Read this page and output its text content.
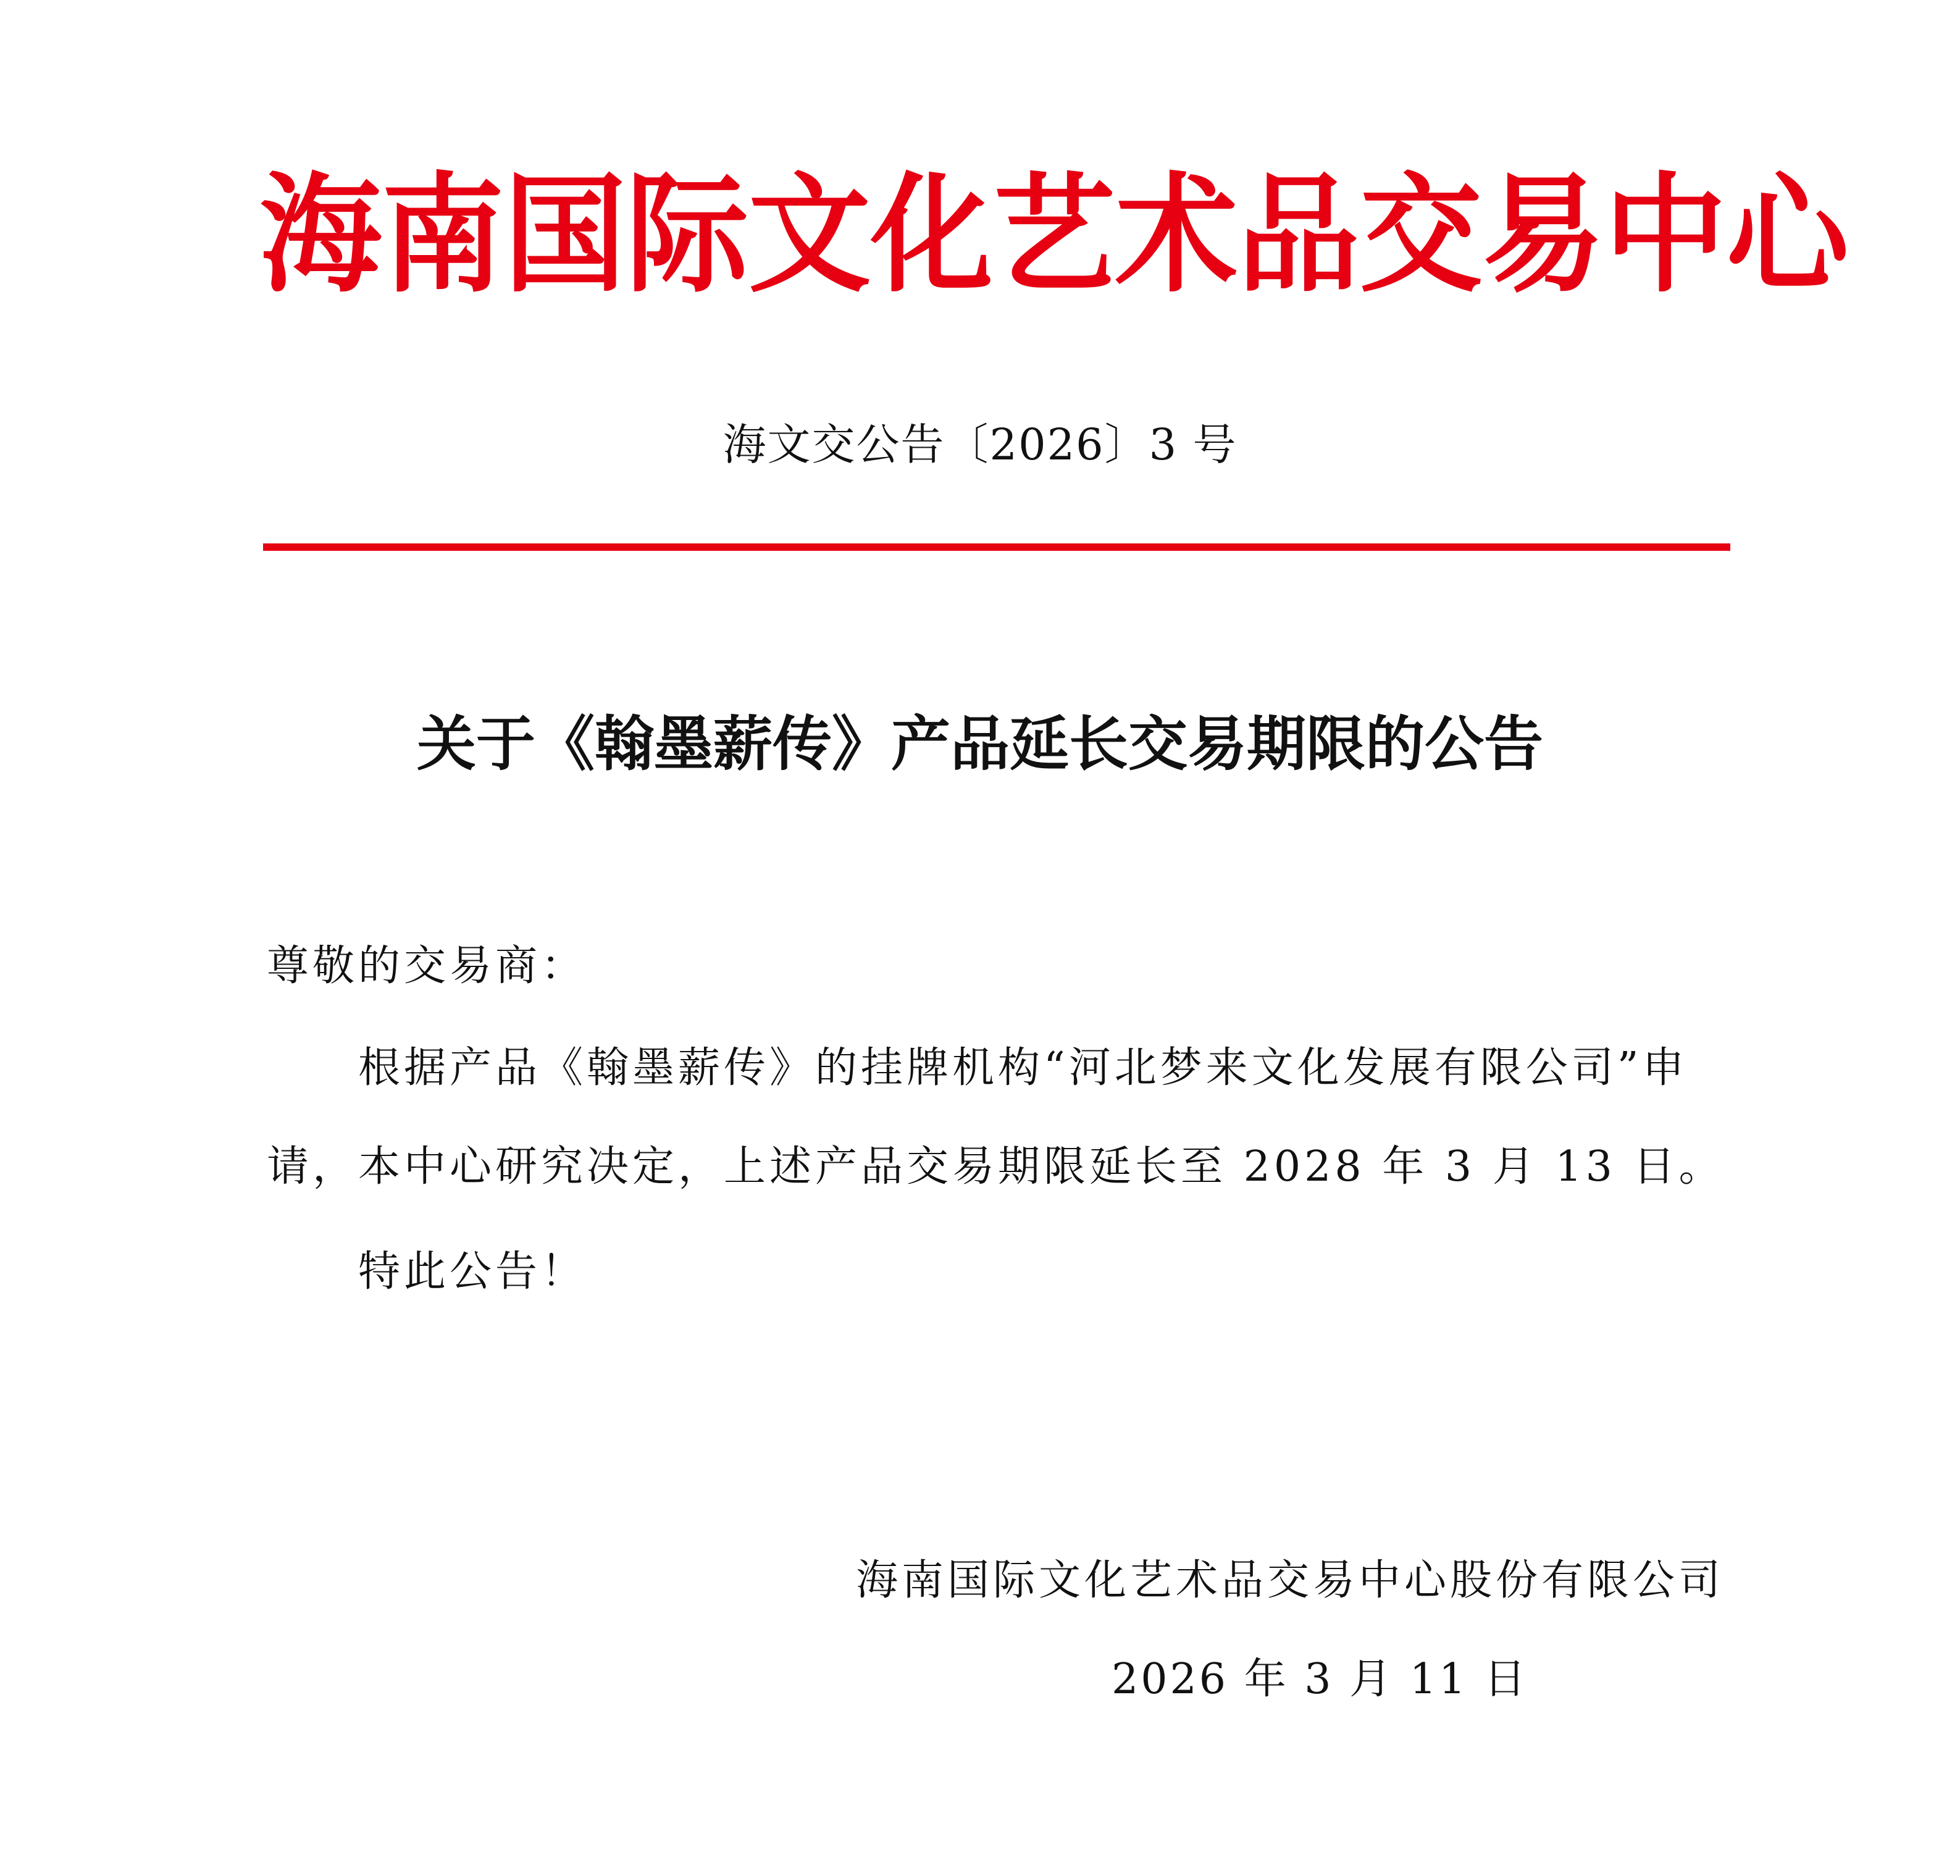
海 南 国 际 文 化 艺 术 品 交 易 中 心
海文交公告〔2026〕3 号
关于《翰墨薪传》产品延长交易期限的公告
尊敬的交易商：
根据产品《翰墨薪传》的挂牌机构“河北梦来文化发展有限公司”申
请，本中心研究决定，上述产品交易期限延长至 2028 年 3 月 13 日。
特此公告！
海南国际文化艺术品交易中心股份有限公司
2026 年 3 月 11 日
